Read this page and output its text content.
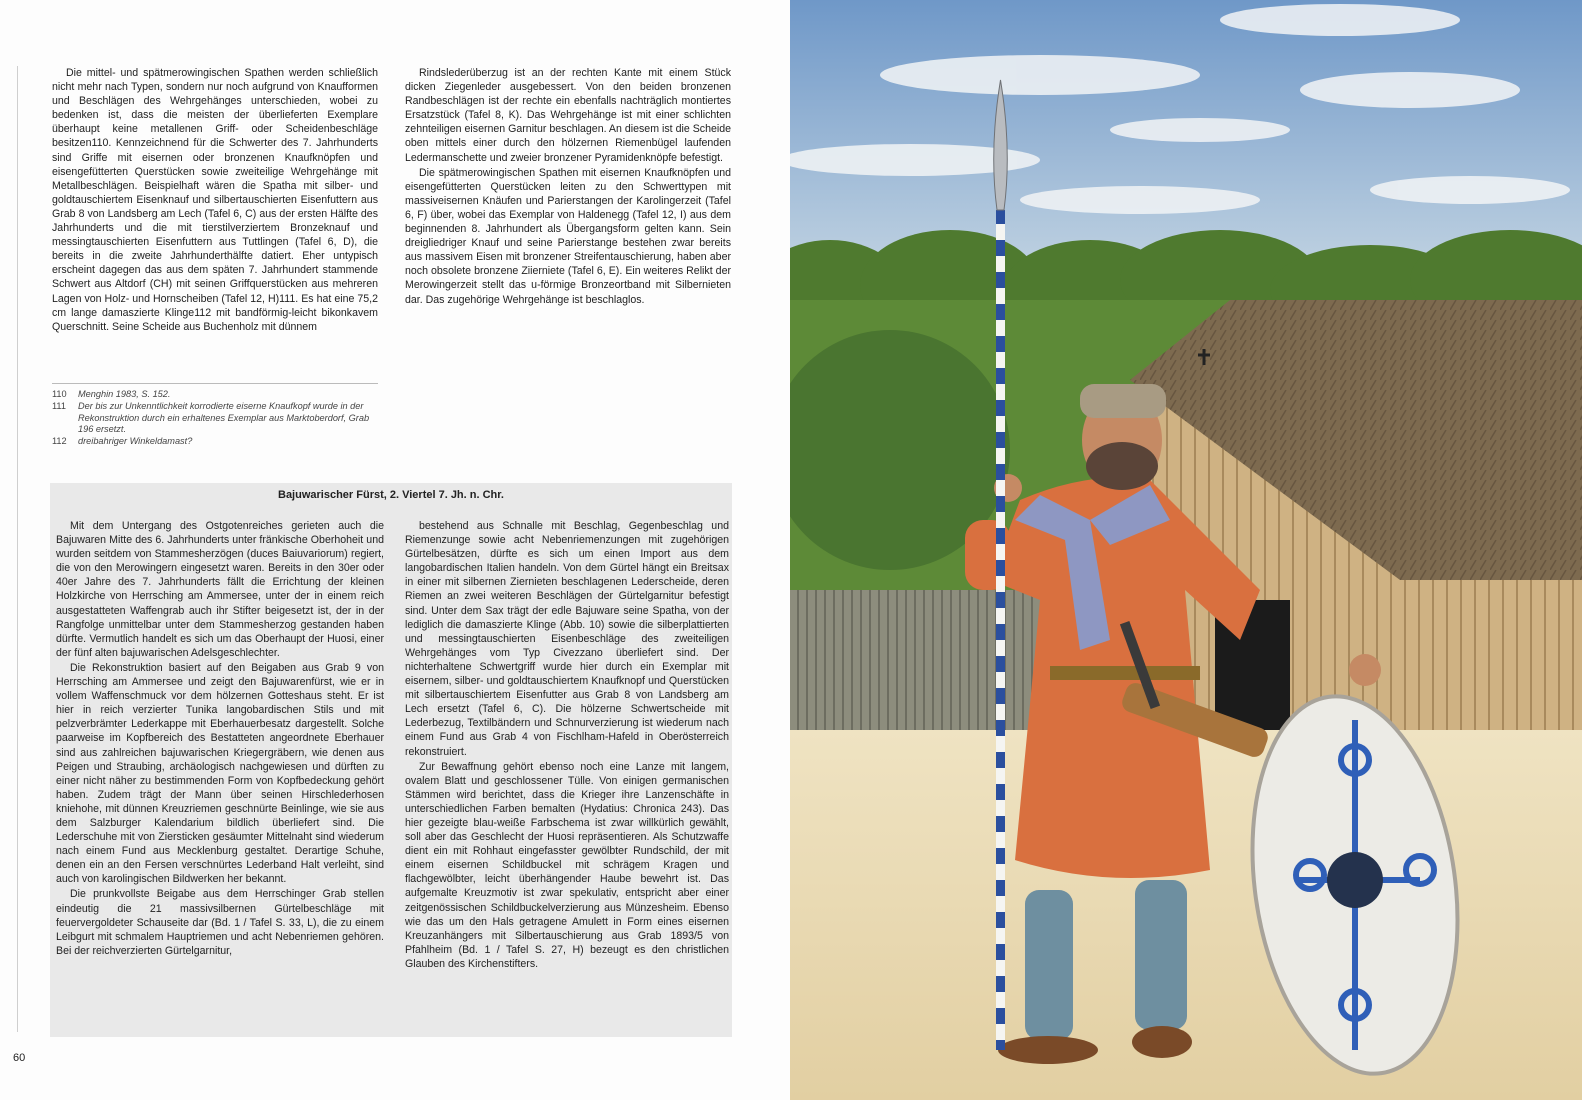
Die mittel- und spätmerowingischen Spathen werden schließlich nicht mehr nach Typen, sondern nur noch aufgrund von Knaufformen und Beschlägen des Wehrgehänges unterschieden, wobei zu bedenken ist, dass die meisten der überlieferten Exemplare überhaupt keine metallenen Griff- oder Scheidenbeschläge besitzen110. Kennzeichnend für die Schwerter des 7. Jahrhunderts sind Griffe mit eisernen oder bronzenen Knaufknöpfen und eisengefütterten Querstücken sowie zweiteilige Wehrgehänge mit Metallbeschlägen. Beispielhaft wären die Spatha mit silber- und goldtauschiertem Eisenknauf und silbertauschierten Eisenfuttern aus Grab 8 von Landsberg am Lech (Tafel 6, C) aus der ersten Hälfte des Jahrhunderts und die mit tierstilverziertem Bronzeknauf und messingtauschierten Eisenfuttern aus Tuttlingen (Tafel 6, D), die bereits in die zweite Jahrhunderthälfte datiert. Eher untypisch erscheint dagegen das aus dem späten 7. Jahrhundert stammende Schwert aus Altdorf (CH) mit seinen Griffquerstücken aus mehreren Lagen von Holz- und Hornscheiben (Tafel 12, H)111. Es hat eine 75,2 cm lange damaszierte Klinge112 mit bandförmig-leicht bikonkavem Querschnitt. Seine Scheide aus Buchenholz mit dünnem

Rindslederüberzug ist an der rechten Kante mit einem Stück dicken Ziegenleder ausgebessert. Von den beiden bronzenen Randbeschlägen ist der rechte ein ebenfalls nachträglich montiertes Ersatzstück (Tafel 8, K). Das Wehrgehänge ist mit einer schlichten zehnteiligen eisernen Garnitur beschlagen. An diesem ist die Scheide oben mittels einer durch den hölzernen Riemenbügel laufenden Ledermanschette und zweier bronzener Pyramidenknöpfe befestigt.

Die spätmerowingischen Spathen mit eisernen Knaufknöpfen und eisengefütterten Querstücken leiten zu den Schwerttypen mit massiveisernen Knäufen und Parierstangen der Karolingerzeit (Tafel 6, F) über, wobei das Exemplar von Haldenegg (Tafel 12, I) aus dem beginnenden 8. Jahrhundert als Übergangsform gelten kann. Sein dreigliedriger Knauf und seine Parierstange bestehen zwar bereits aus massivem Eisen mit bronzener Streifentauschierung, haben aber noch obsolete bronzene Ziierniete (Tafel 6, E). Ein weiteres Relikt der Merowingerzeit stellt das u-förmige Bronzeortband mit Silbernieten dar. Das zugehörige Wehrgehänge ist beschlaglos.

110	Menghin 1983, S. 152.
111	Der bis zur Unkenntlichkeit korrodierte eiserne Knaufkopf wurde in der Rekonstruktion durch ein erhaltenes Exemplar aus Marktoberdorf, Grab 196 ersetzt.
112	dreibahriger Winkeldamast?
Bajuwarischer Fürst, 2. Viertel 7. Jh. n. Chr.

Mit dem Untergang des Ostgotenreiches gerieten auch die Bajuwaren Mitte des 6. Jahrhunderts unter fränkische Oberhoheit und wurden seitdem von Stammesherzögen (duces Baiuvariorum) regiert, die von den Merowingern eingesetzt waren. Bereits in den 30er oder 40er Jahre des 7. Jahrhunderts fällt die Errichtung der kleinen Holzkirche von Herrsching am Ammersee, unter der in einem reich ausgestatteten Waffengrab auch ihr Stifter beigesetzt ist, der in der Rangfolge unmittelbar unter dem Stammesherzog gestanden haben dürfte. Vermutlich handelt es sich um das Oberhaupt der Huosi, einer der fünf alten bajuwarischen Adelsgeschlechter.

Die Rekonstruktion basiert auf den Beigaben aus Grab 9 von Herrsching am Ammersee und zeigt den Bajuwarenfürst, wie er in vollem Waffenschmuck vor dem hölzernen Gotteshaus steht. Er ist hier in reich verzierter Tunika langobardischen Stils und mit pelzverbrämter Lederkappe mit Eberhauerbesatz dargestellt. Solche paarweise im Kopfbereich des Bestatteten angeordnete Eberhauer sind aus zahlreichen bajuwarischen Kriegergräbern, wie denen aus Peigen und Straubing, archäologisch nachgewiesen und dürften zu einer nicht näher zu bestimmenden Form von Kopfbedeckung gehört haben. Zudem trägt der Mann über seinen Hirschlederhosen kniehohe, mit dünnen Kreuzriemen geschnürte Beinlinge, wie sie aus dem Salzburger Kalendarium bildlich überliefert sind. Die Lederschuhe mit von Ziersticken gesäumter Mittelnaht sind wiederum nach einem Fund aus Mecklenburg gestaltet. Derartige Schuhe, denen ein an den Fersen verschnürtes Lederband Halt verleiht, sind auch von karolingischen Bildwerken her bekannt.

Die prunkvollste Beigabe aus dem Herrschinger Grab stellen eindeutig die 21 massivsilbernen Gürtelbeschläge mit feuervergoldeter Schauseite dar (Bd. 1 / Tafel S. 33, L), die zu einem Leibgurt mit schmalem Hauptriemen und acht Nebenriemen gehören. Bei der reichverzierten Gürtelgarnitur,

bestehend aus Schnalle mit Beschlag, Gegenbeschlag und Riemenzunge sowie acht Nebenriemenzungen mit zugehörigen Gürtelbesätzen, dürfte es sich um einen Import aus dem langobardischen Italien handeln. Von dem Gürtel hängt ein Breitsax in einer mit silbernen Ziernieten beschlagenen Lederscheide, deren Riemen an zwei weiteren Beschlägen der Gürtelgarnitur befestigt sind. Unter dem Sax trägt der edle Bajuware seine Spatha, von der lediglich die damaszierte Klinge (Abb. 10) sowie die silberplattierten und messingtauschierten Eisenbeschläge des zweiteiligen Wehrgehänges vom Typ Civezzano überliefert sind. Der nichterhaltene Schwertgriff wurde hier durch ein Exemplar mit eisernem, silber- und goldtauschiertem Knaufknopf und Querstücken mit silbertauschiertem Eisenfutter aus Grab 8 von Landsberg am Lech ersetzt (Tafel 6, C). Die hölzerne Schwertscheide mit Lederbezug, Textilbändern und Schnurverzierung ist wiederum nach einem Fund aus Grab 4 von Fischlham-Hafeld in Oberösterreich rekonstruiert.

Zur Bewaffnung gehört ebenso noch eine Lanze mit langem, ovalem Blatt und geschlossener Tülle. Von einigen germanischen Stämmen wird berichtet, dass die Krieger ihre Lanzenschäfte in unterschiedlichen Farben bemalten (Hydatius: Chronica 243). Das hier gezeigte blau-weiße Farbschema ist zwar willkürlich gewählt, soll aber das Geschlecht der Huosi repräsentieren. Als Schutzwaffe dient ein mit Rohhaut eingefasster gewölbter Rundschild, der mit einem eisernen Schildbuckel mit schrägem Kragen und flachgewölbter, leicht überhängender Haube bewehrt ist. Das aufgemalte Kreuzmotiv ist zwar spekulativ, entspricht aber einer zeitgenössischen Schildbuckelverzierung aus Münzesheim. Ebenso wie das um den Hals getragene Amulett in Form eines eisernen Kreuzanhängers mit Silbertauschierung aus Grab 1893/5 von Pfahlheim (Bd. 1 / Tafel S. 27, H) bezeugt es den christlichen Glauben des Kirchenstifters.

60
